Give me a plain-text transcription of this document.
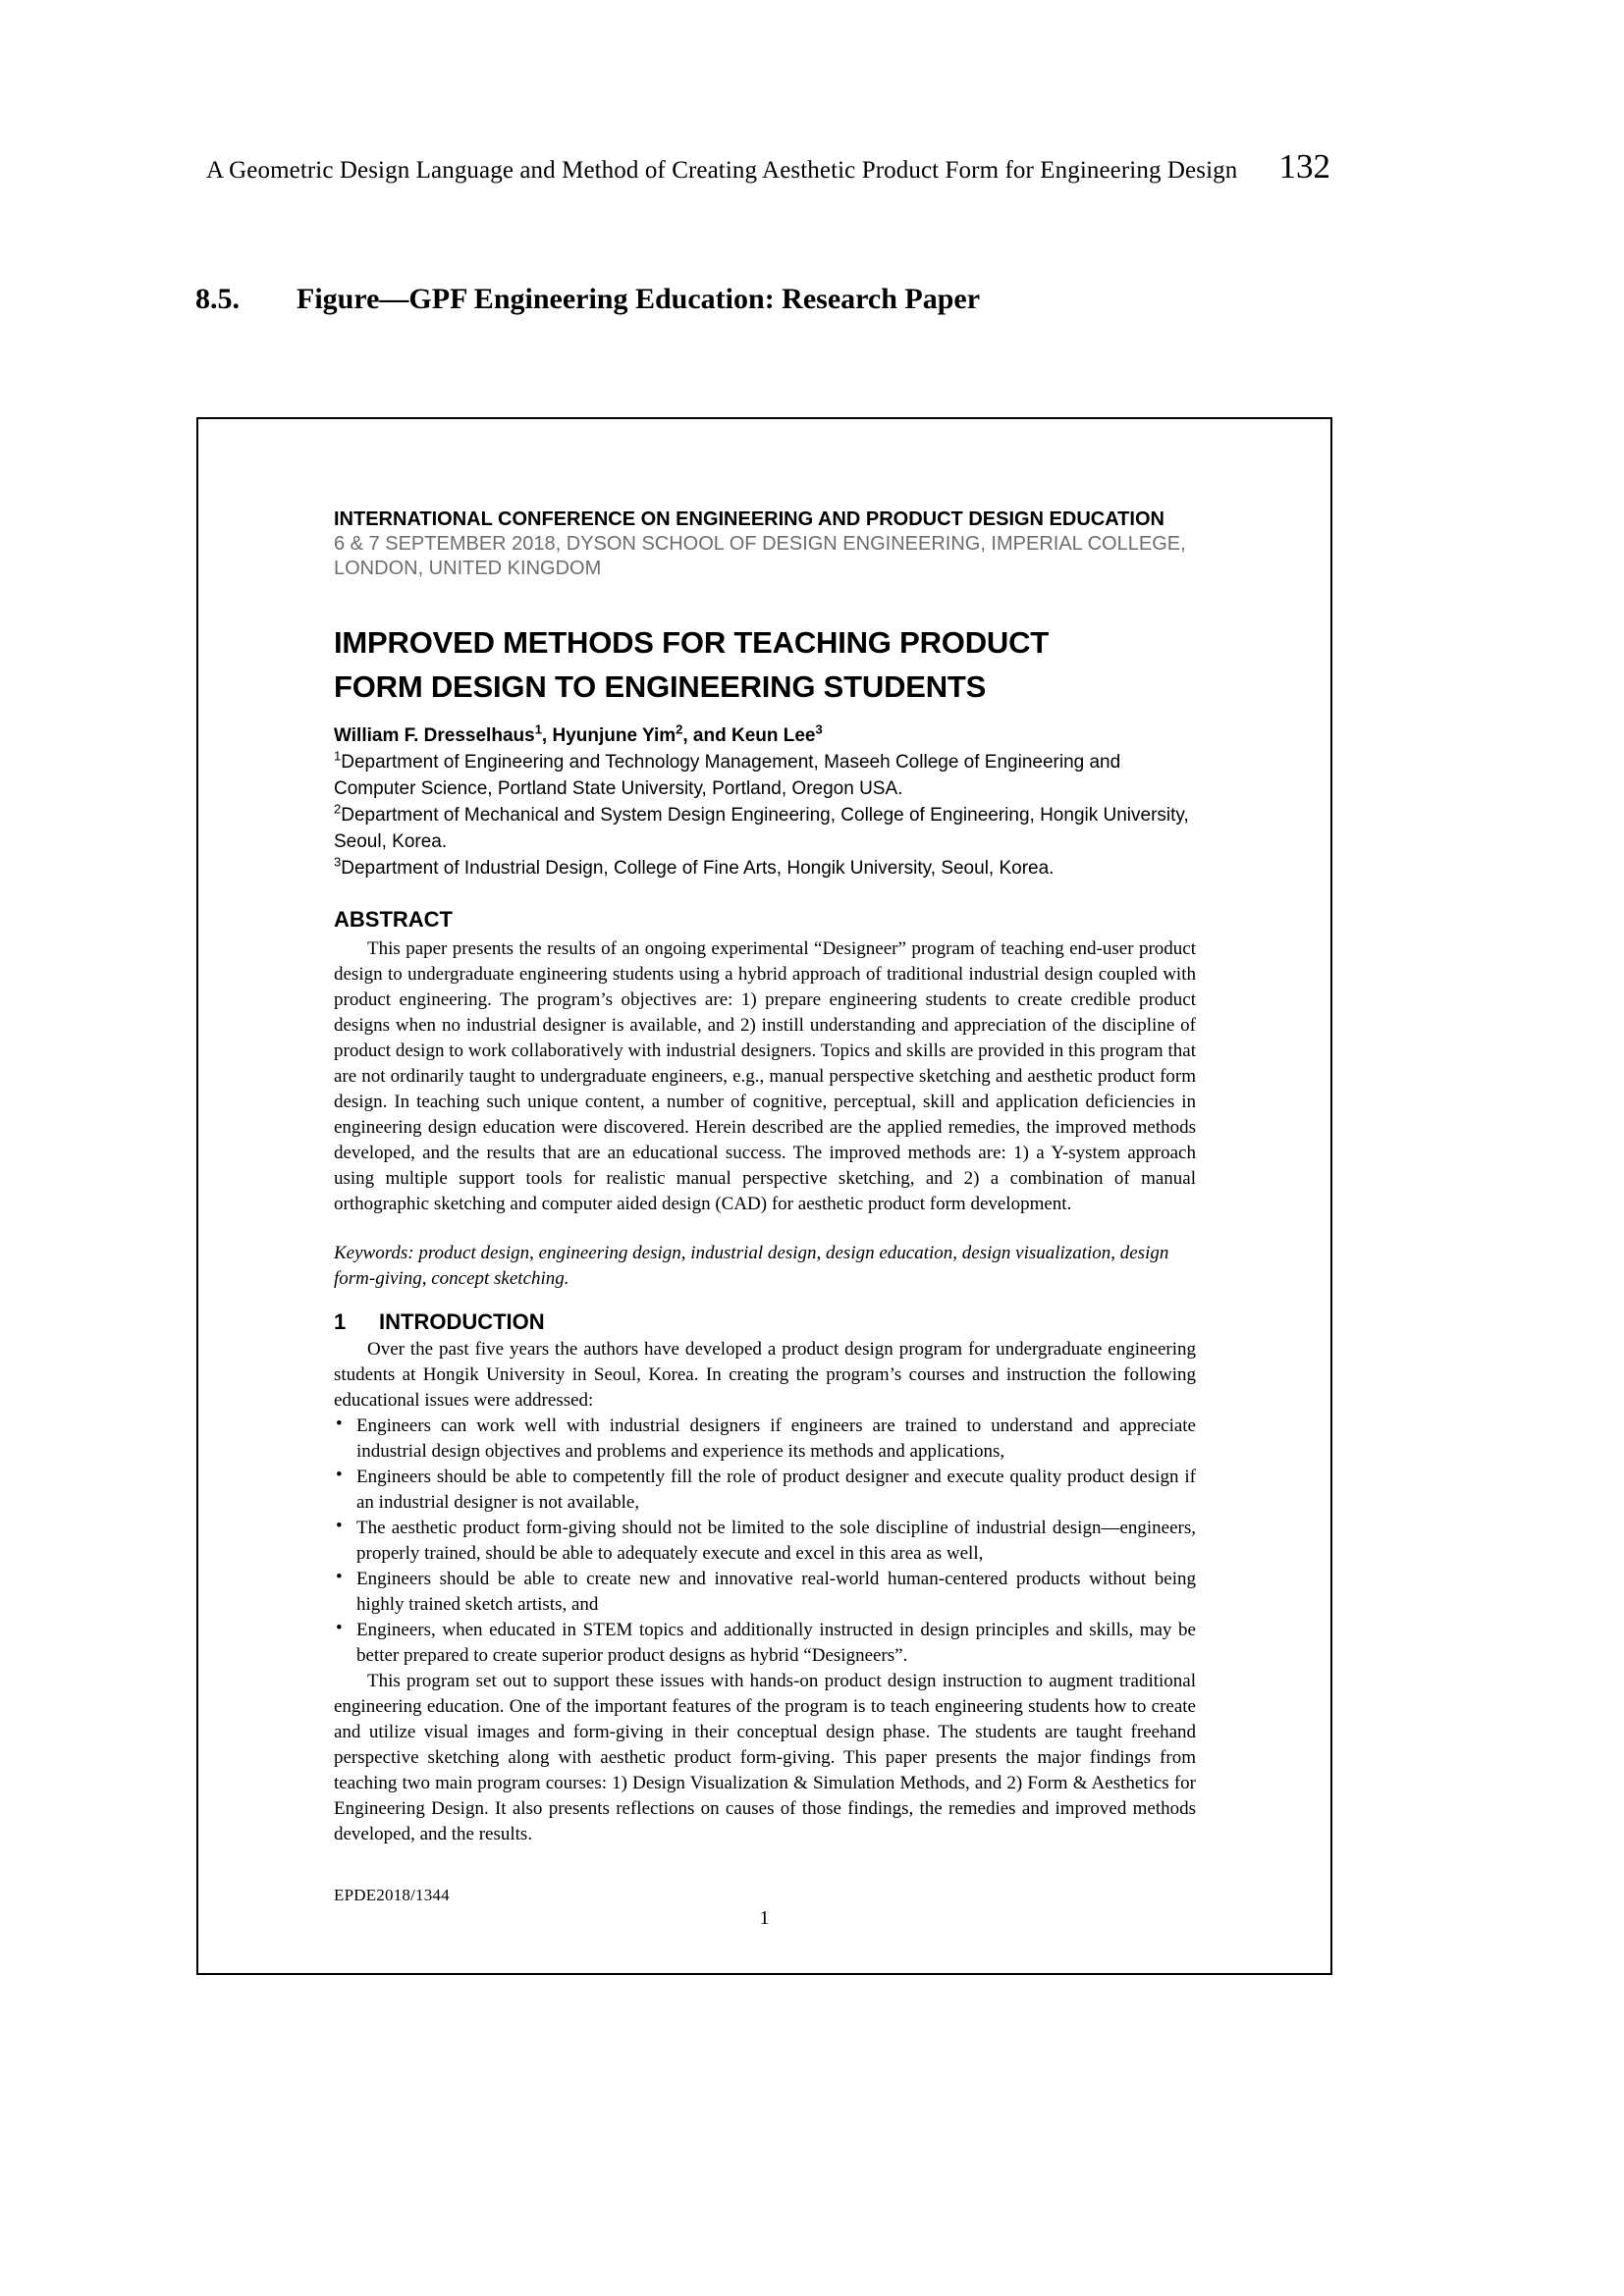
A Geometric Design Language and Method of Creating Aesthetic Product Form for Engineering Design	132
8.5.	Figure—GPF Engineering Education: Research Paper
INTERNATIONAL CONFERENCE ON ENGINEERING AND PRODUCT DESIGN EDUCATION
6 & 7 SEPTEMBER 2018, DYSON SCHOOL OF DESIGN ENGINEERING, IMPERIAL COLLEGE, LONDON, UNITED KINGDOM
IMPROVED METHODS FOR TEACHING PRODUCT
FORM DESIGN TO ENGINEERING STUDENTS
William F. Dresselhaus$^1$, Hyunjune Yim$^2$, and Keun Lee$^3$
$^1$Department of Engineering and Technology Management, Maseeh College of Engineering and Computer Science, Portland State University, Portland, Oregon USA.
$^2$Department of Mechanical and System Design Engineering, College of Engineering, Hongik University, Seoul, Korea.
$^3$Department of Industrial Design, College of Fine Arts, Hongik University, Seoul, Korea.
ABSTRACT
This paper presents the results of an ongoing experimental “Designeer” program of teaching end-user product design to undergraduate engineering students using a hybrid approach of traditional industrial design coupled with product engineering. The program’s objectives are: 1) prepare engineering students to create credible product designs when no industrial designer is available, and 2) instill understanding and appreciation of the discipline of product design to work collaboratively with industrial designers. Topics and skills are provided in this program that are not ordinarily taught to undergraduate engineers, e.g., manual perspective sketching and aesthetic product form design. In teaching such unique content, a number of cognitive, perceptual, skill and application deficiencies in engineering design education were discovered. Herein described are the applied remedies, the improved methods developed, and the results that are an educational success. The improved methods are: 1) a Y-system approach using multiple support tools for realistic manual perspective sketching, and 2) a combination of manual orthographic sketching and computer aided design (CAD) for aesthetic product form development.
Keywords: product design, engineering design, industrial design, design education, design visualization, design form-giving, concept sketching.
1	INTRODUCTION
Over the past five years the authors have developed a product design program for undergraduate engineering students at Hongik University in Seoul, Korea. In creating the program’s courses and instruction the following educational issues were addressed:
• Engineers can work well with industrial designers if engineers are trained to understand and appreciate industrial design objectives and problems and experience its methods and applications,
• Engineers should be able to competently fill the role of product designer and execute quality product design if an industrial designer is not available,
• The aesthetic product form-giving should not be limited to the sole discipline of industrial design—engineers, properly trained, should be able to adequately execute and excel in this area as well,
• Engineers should be able to create new and innovative real-world human-centered products without being highly trained sketch artists, and
• Engineers, when educated in STEM topics and additionally instructed in design principles and skills, may be better prepared to create superior product designs as hybrid “Designeers”.
This program set out to support these issues with hands-on product design instruction to augment traditional engineering education. One of the important features of the program is to teach engineering students how to create and utilize visual images and form-giving in their conceptual design phase. The students are taught freehand perspective sketching along with aesthetic product form-giving. This paper presents the major findings from teaching two main program courses: 1) Design Visualization & Simulation Methods, and 2) Form & Aesthetics for Engineering Design. It also presents reflections on causes of those findings, the remedies and improved methods developed, and the results.
EPDE2018/1344
1
